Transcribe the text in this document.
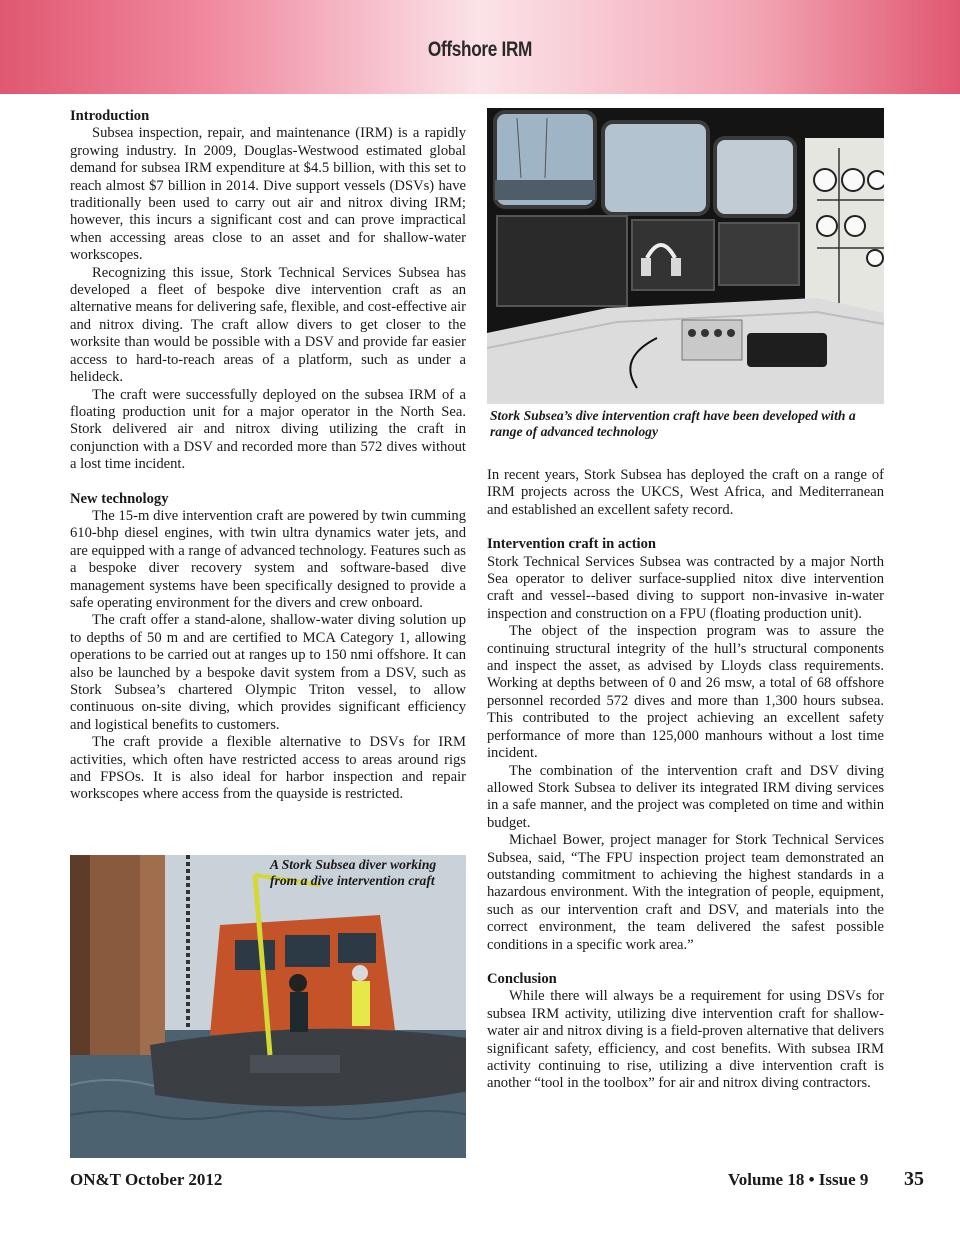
Offshore IRM
Introduction

Subsea inspection, repair, and maintenance (IRM) is a rapidly growing industry. In 2009, Douglas-Westwood estimated global demand for subsea IRM expenditure at $4.5 billion, with this set to reach almost $7 billion in 2014. Dive support vessels (DSVs) have traditionally been used to carry out air and nitrox diving IRM; however, this incurs a significant cost and can prove impractical when accessing areas close to an asset and for shallow-water workscopes.

Recognizing this issue, Stork Technical Services Subsea has developed a fleet of bespoke dive intervention craft as an alternative means for delivering safe, flexible, and cost-effective air and nitrox diving. The craft allow divers to get closer to the worksite than would be possible with a DSV and provide far easier access to hard-to-reach areas of a platform, such as under a helideck.

The craft were successfully deployed on the subsea IRM of a floating production unit for a major operator in the North Sea. Stork delivered air and nitrox diving utilizing the craft in conjunction with a DSV and recorded more than 572 dives without a lost time incident.

New technology

The 15-m dive intervention craft are powered by twin cumming 610-bhp diesel engines, with twin ultra dynamics water jets, and are equipped with a range of advanced technology. Features such as a bespoke diver recovery system and software-based dive management systems have been specifically designed to provide a safe operating environment for the divers and crew onboard.

The craft offer a stand-alone, shallow-water diving solution up to depths of 50 m and are certified to MCA Category 1, allowing operations to be carried out at ranges up to 150 nmi offshore. It can also be launched by a bespoke davit system from a DSV, such as Stork Subsea’s chartered Olympic Triton vessel, to allow continuous on-site diving, which provides significant efficiency and logistical benefits to customers.

The craft provide a flexible alternative to DSVs for IRM activities, which often have restricted access to areas around rigs and FPSOs. It is also ideal for harbor inspection and repair workscopes where access from the quayside is restricted.

Stork Subsea’s dive intervention craft have been developed with a range of advanced technology

In recent years, Stork Subsea has deployed the craft on a range of IRM projects across the UKCS, West Africa, and Mediterranean and established an excellent safety record.

Intervention craft in action

Stork Technical Services Subsea was contracted by a major North Sea operator to deliver surface-supplied nitox dive intervention craft and vessel--based diving to support non-invasive in-water inspection and construction on a FPU (floating production unit).

The object of the inspection program was to assure the continuing structural integrity of the hull’s structural components and inspect the asset, as advised by Lloyds class requirements. Working at depths between of 0 and 26 msw, a total of 68 offshore personnel recorded 572 dives and more than 1,300 hours subsea. This contributed to the project achieving an excellent safety performance of more than 125,000 manhours without a lost time incident.

The combination of the intervention craft and DSV diving allowed Stork Subsea to deliver its integrated IRM diving services in a safe manner, and the project was completed on time and within budget.

Michael Bower, project manager for Stork Technical Services Subsea, said, “The FPU inspection project team demonstrated an outstanding commitment to achieving the highest standards in a hazardous environment. With the integration of people, equipment, such as our intervention craft and DSV, and materials into the correct environment, the team delivered the safest possible conditions in a specific work area.”

Conclusion

While there will always be a requirement for using DSVs for subsea IRM activity, utilizing dive intervention craft for shallow-water air and nitrox diving is a field-proven alternative that delivers significant safety, efficiency, and cost benefits. With subsea IRM activity continuing to rise, utilizing a dive intervention craft is another “tool in the toolbox” for air and nitrox diving contractors.

A Stork Subsea diver working from a dive intervention craft
ON&T October 2012	Volume 18 • Issue 9 35
